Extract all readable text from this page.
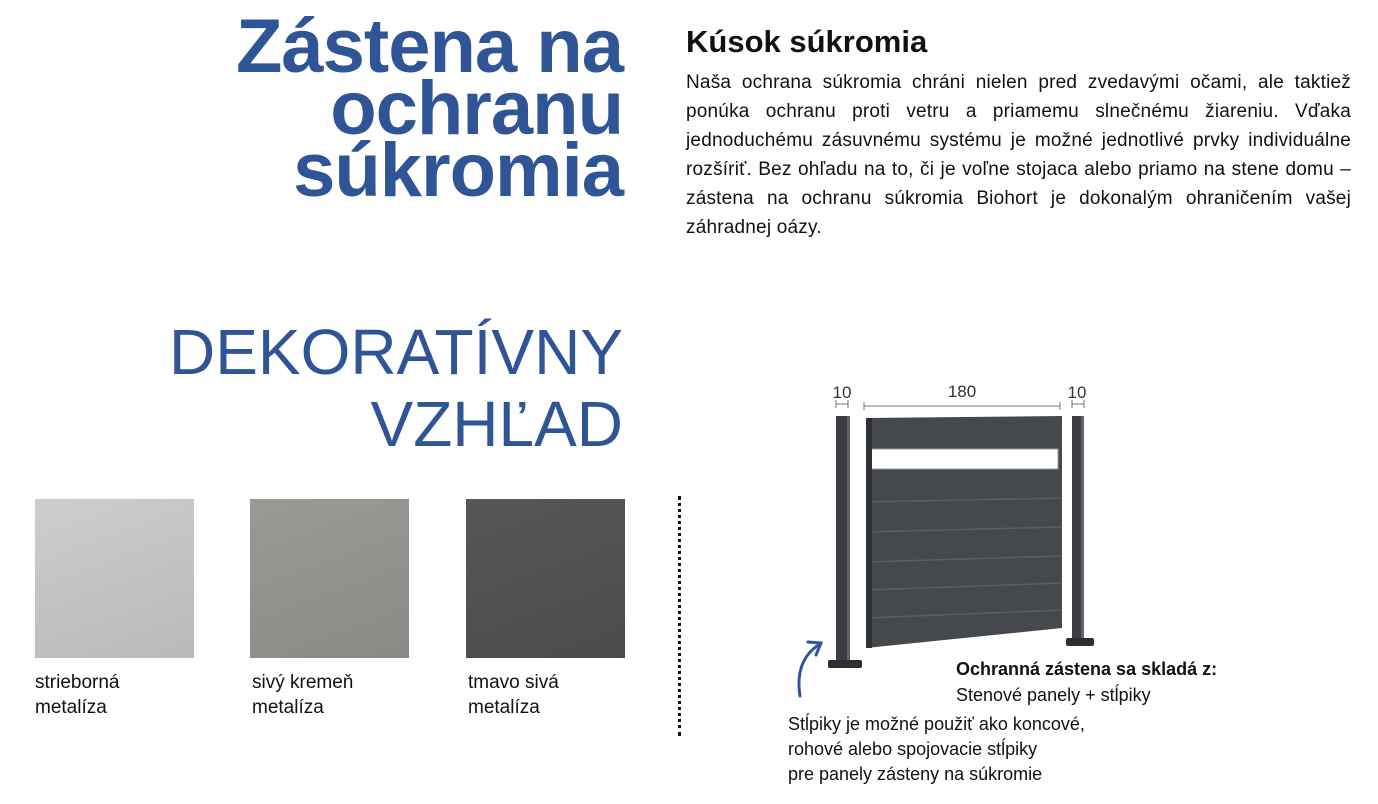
Zástena na
ochranu
súkromia
DEKORATÍVNY
VZHĽAD
Kúsok súkromia
Naša ochrana súkromia chráni nielen pred zvedavými očami, ale taktiež ponúka ochranu proti vetru a priamemu slnečnému žiareniu. Vďaka jednoduchému zásuvnému systému je možné jednotlivé prvky individuálne rozšíriť. Bez ohľadu na to, či je voľne stojaca alebo priamo na stene domu – zástena na ochranu súkromia Biohort je dokonalým ohraničením vašej záhradnej oázy.
strieborná metalíza
sivý kremeň
metalíza
tmavo sivá
metalíza
10	180	10
Ochranná zástena sa skladá z:
Stenové panely + stĺpiky
Stĺpiky je možné použiť ako koncové,
rohové alebo spojovacie stĺpiky
pre panely zásteny na súkromie
